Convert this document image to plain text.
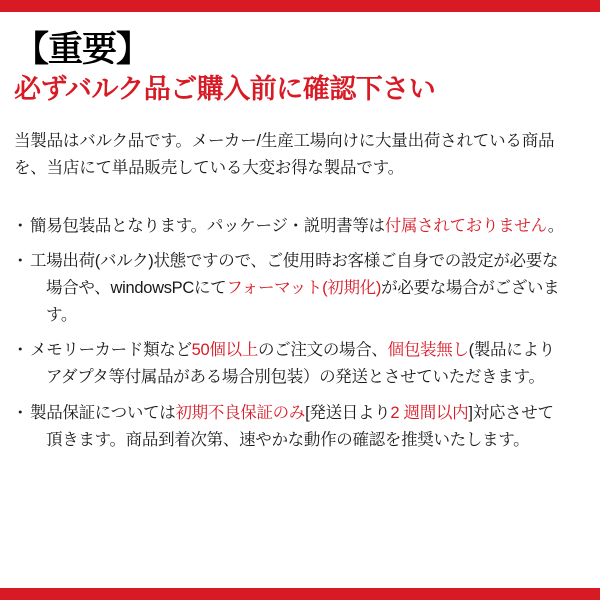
【重要】
必ずバルク品ご購入前に確認下さい

当製品はバルク品です。メーカー/生産工場向けに大量出荷されている商品を、当店にて単品販売している大変お得な製品です。

・ 簡易包装品となります。パッケージ・説明書等は付属されておりません。
・ 工場出荷(バルク)状態ですので、ご使用時お客様ご自身での設定が必要な
場合や、windowsPCにてフォーマット(初期化)が必要な場合がございます。
・ メモリーカード類など50個以上のご注文の場合、個包装無し(製品により
アダプタ等付属品がある場合別包装）の発送とさせていただきます。
・ 製品保証については初期不良保証のみ[発送日より2 週間以内]対応させて
頂きます。商品到着次第、速やかな動作の確認を推奨いたします。
